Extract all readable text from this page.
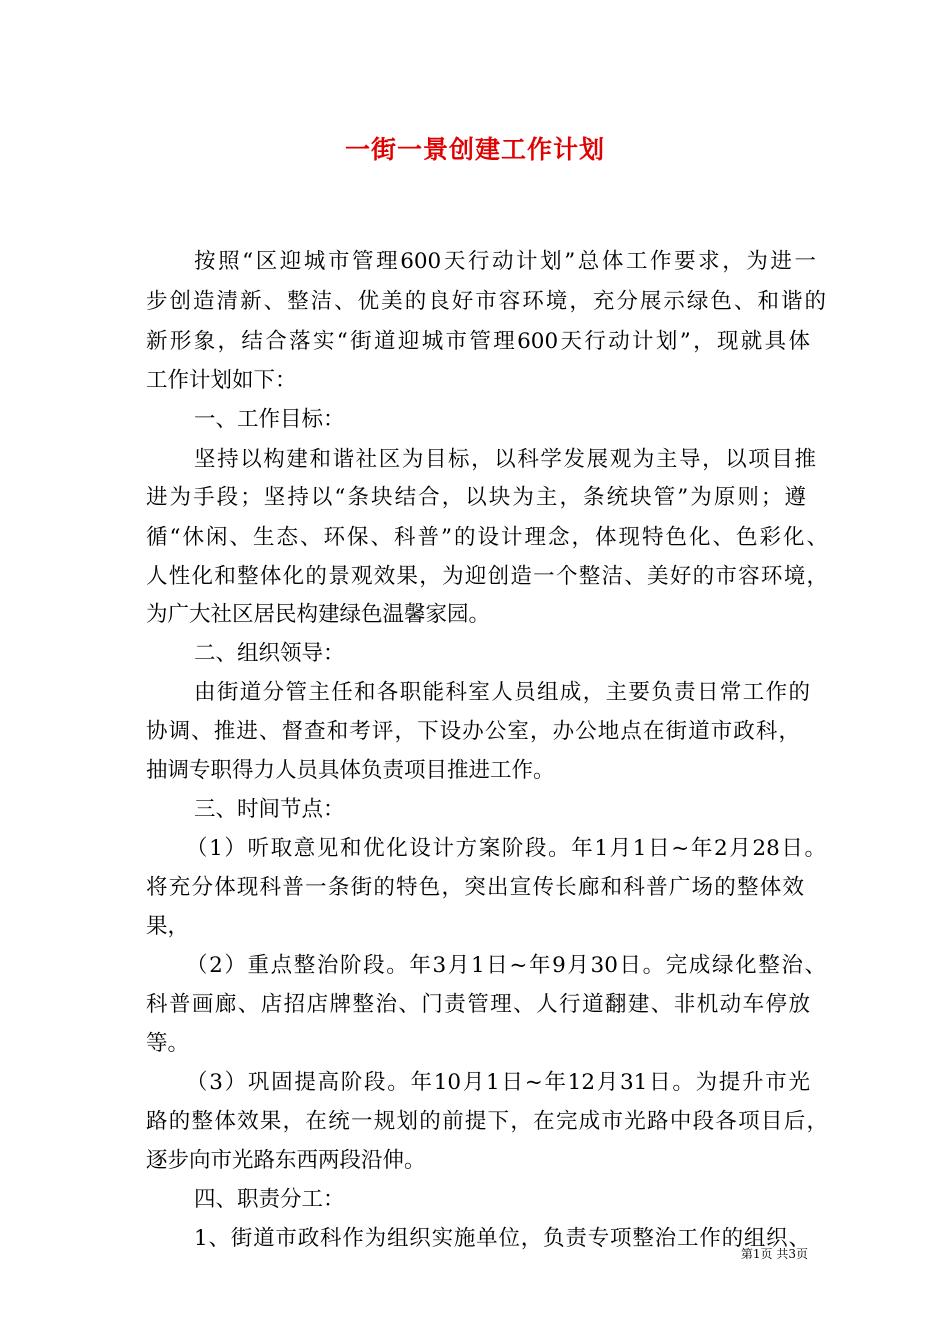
一街一景创建工作计划
按照“区迎城市管理600天行动计划”总体工作要求，为进一
步创造清新、整洁、优美的良好市容环境，充分展示绿色、和谐的
新形象，结合落实“街道迎城市管理600天行动计划”，现就具体
工作计划如下：
一、工作目标：
坚持以构建和谐社区为目标，以科学发展观为主导，以项目推
进为手段；坚持以“条块结合，以块为主，条统块管”为原则；遵
循“休闲、生态、环保、科普”的设计理念，体现特色化、色彩化、
人性化和整体化的景观效果，为迎创造一个整洁、美好的市容环境，
为广大社区居民构建绿色温馨家园。
二、组织领导：
由街道分管主任和各职能科室人员组成，主要负责日常工作的
协调、推进、督查和考评，下设办公室，办公地点在街道市政科，
抽调专职得力人员具体负责项目推进工作。
三、时间节点：
（1）听取意见和优化设计方案阶段。年1月1日~年2月28日。
将充分体现科普一条街的特色，突出宣传长廊和科普广场的整体效
果，
（2）重点整治阶段。年3月1日~年9月30日。完成绿化整治、
科普画廊、店招店牌整治、门责管理、人行道翻建、非机动车停放
等。
（3）巩固提高阶段。年10月1日~年12月31日。为提升市光
路的整体效果，在统一规划的前提下，在完成市光路中段各项目后，
逐步向市光路东西两段沿伸。
四、职责分工：
1、街道市政科作为组织实施单位，负责专项整治工作的组织、
第1页 共3页
